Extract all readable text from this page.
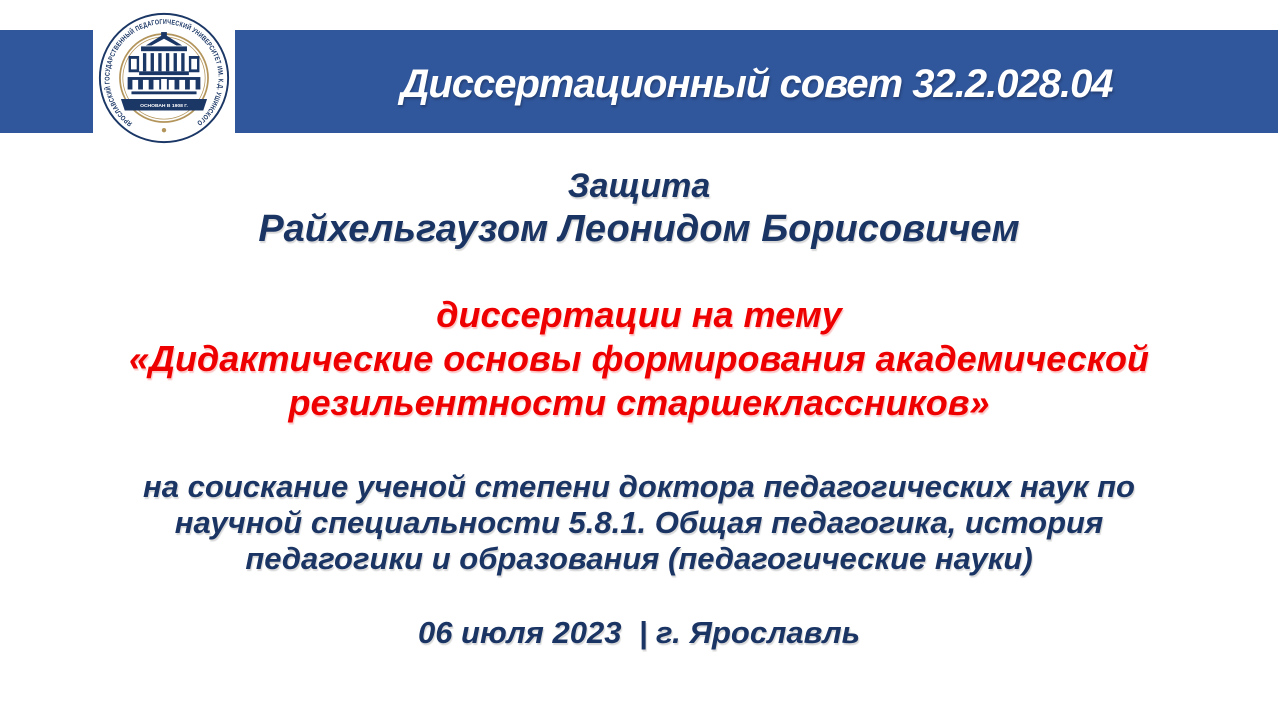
Диссертационный совет 32.2.028.04
ЯРОСЛАВСКИЙ ГОСУДАРСТВЕННЫЙ ПЕДАГОГИЧЕСКИЙ УНИВЕРСИТЕТ ИМ. К.Д. УШИНСКОГО
ОСНОВАН В 1908 Г.
Защита
Райхельгаузом Леонидом Борисовичем
диссертации на тему
«Дидактические основы формирования академической
резильентности старшеклассников»
на соискание ученой степени доктора педагогических наук по
научной специальности 5.8.1. Общая педагогика, история
педагогики и образования (педагогические науки)
06 июля 2023  | г. Ярославль
